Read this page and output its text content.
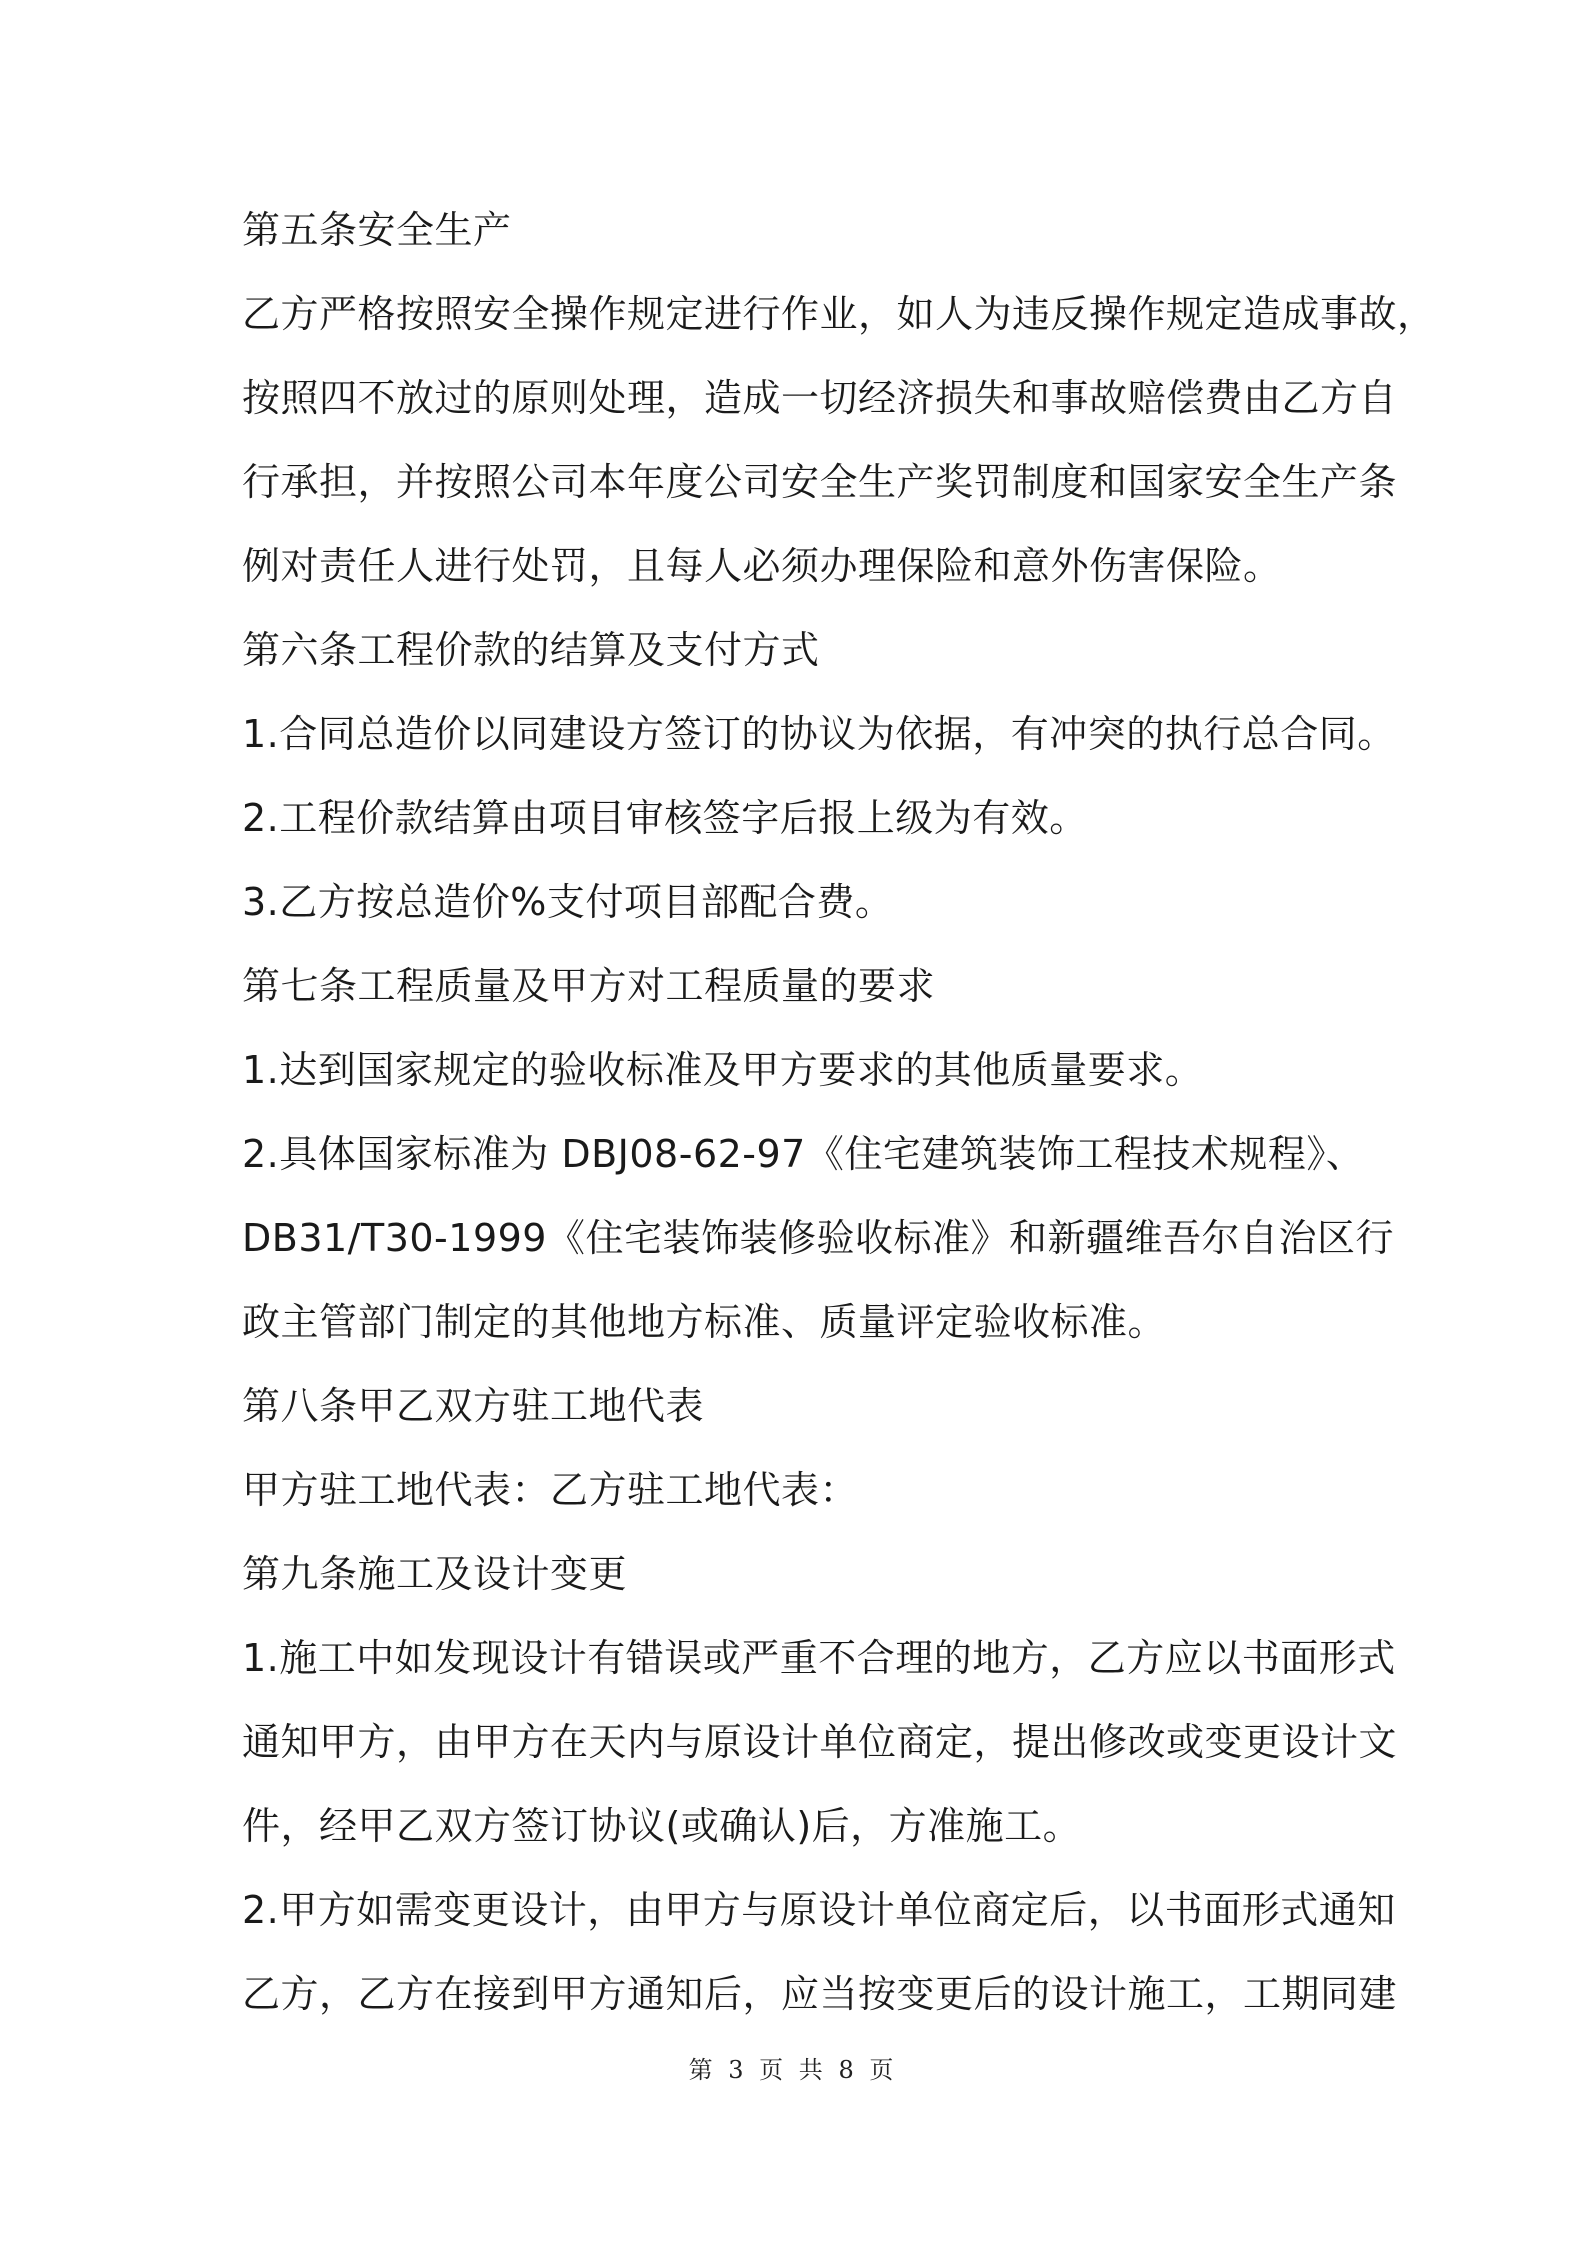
第五条安全生产
乙方严格按照安全操作规定进行作业，如人为违反操作规定造成事故，
按照四不放过的原则处理，造成一切经济损失和事故赔偿费由乙方自
行承担，并按照公司本年度公司安全生产奖罚制度和国家安全生产条
例对责任人进行处罚，且每人必须办理保险和意外伤害保险。
第六条工程价款的结算及支付方式
1.合同总造价以同建设方签订的协议为依据，有冲突的执行总合同。
2.工程价款结算由项目审核签字后报上级为有效。
3.乙方按总造价%支付项目部配合费。
第七条工程质量及甲方对工程质量的要求
1.达到国家规定的验收标准及甲方要求的其他质量要求。
2.具体国家标准为 DBJ08-62-97《住宅建筑装饰工程技术规程》、
DB31/T30-1999《住宅装饰装修验收标准》和新疆维吾尔自治区行
政主管部门制定的其他地方标准、质量评定验收标准。
第八条甲乙双方驻工地代表
甲方驻工地代表：乙方驻工地代表：
第九条施工及设计变更
1.施工中如发现设计有错误或严重不合理的地方，乙方应以书面形式
通知甲方，由甲方在天内与原设计单位商定，提出修改或变更设计文
件，经甲乙双方签订协议(或确认)后，方准施工。
2.甲方如需变更设计，由甲方与原设计单位商定后，以书面形式通知
乙方，乙方在接到甲方通知后，应当按变更后的设计施工，工期同建
第 3 页 共 8 页
